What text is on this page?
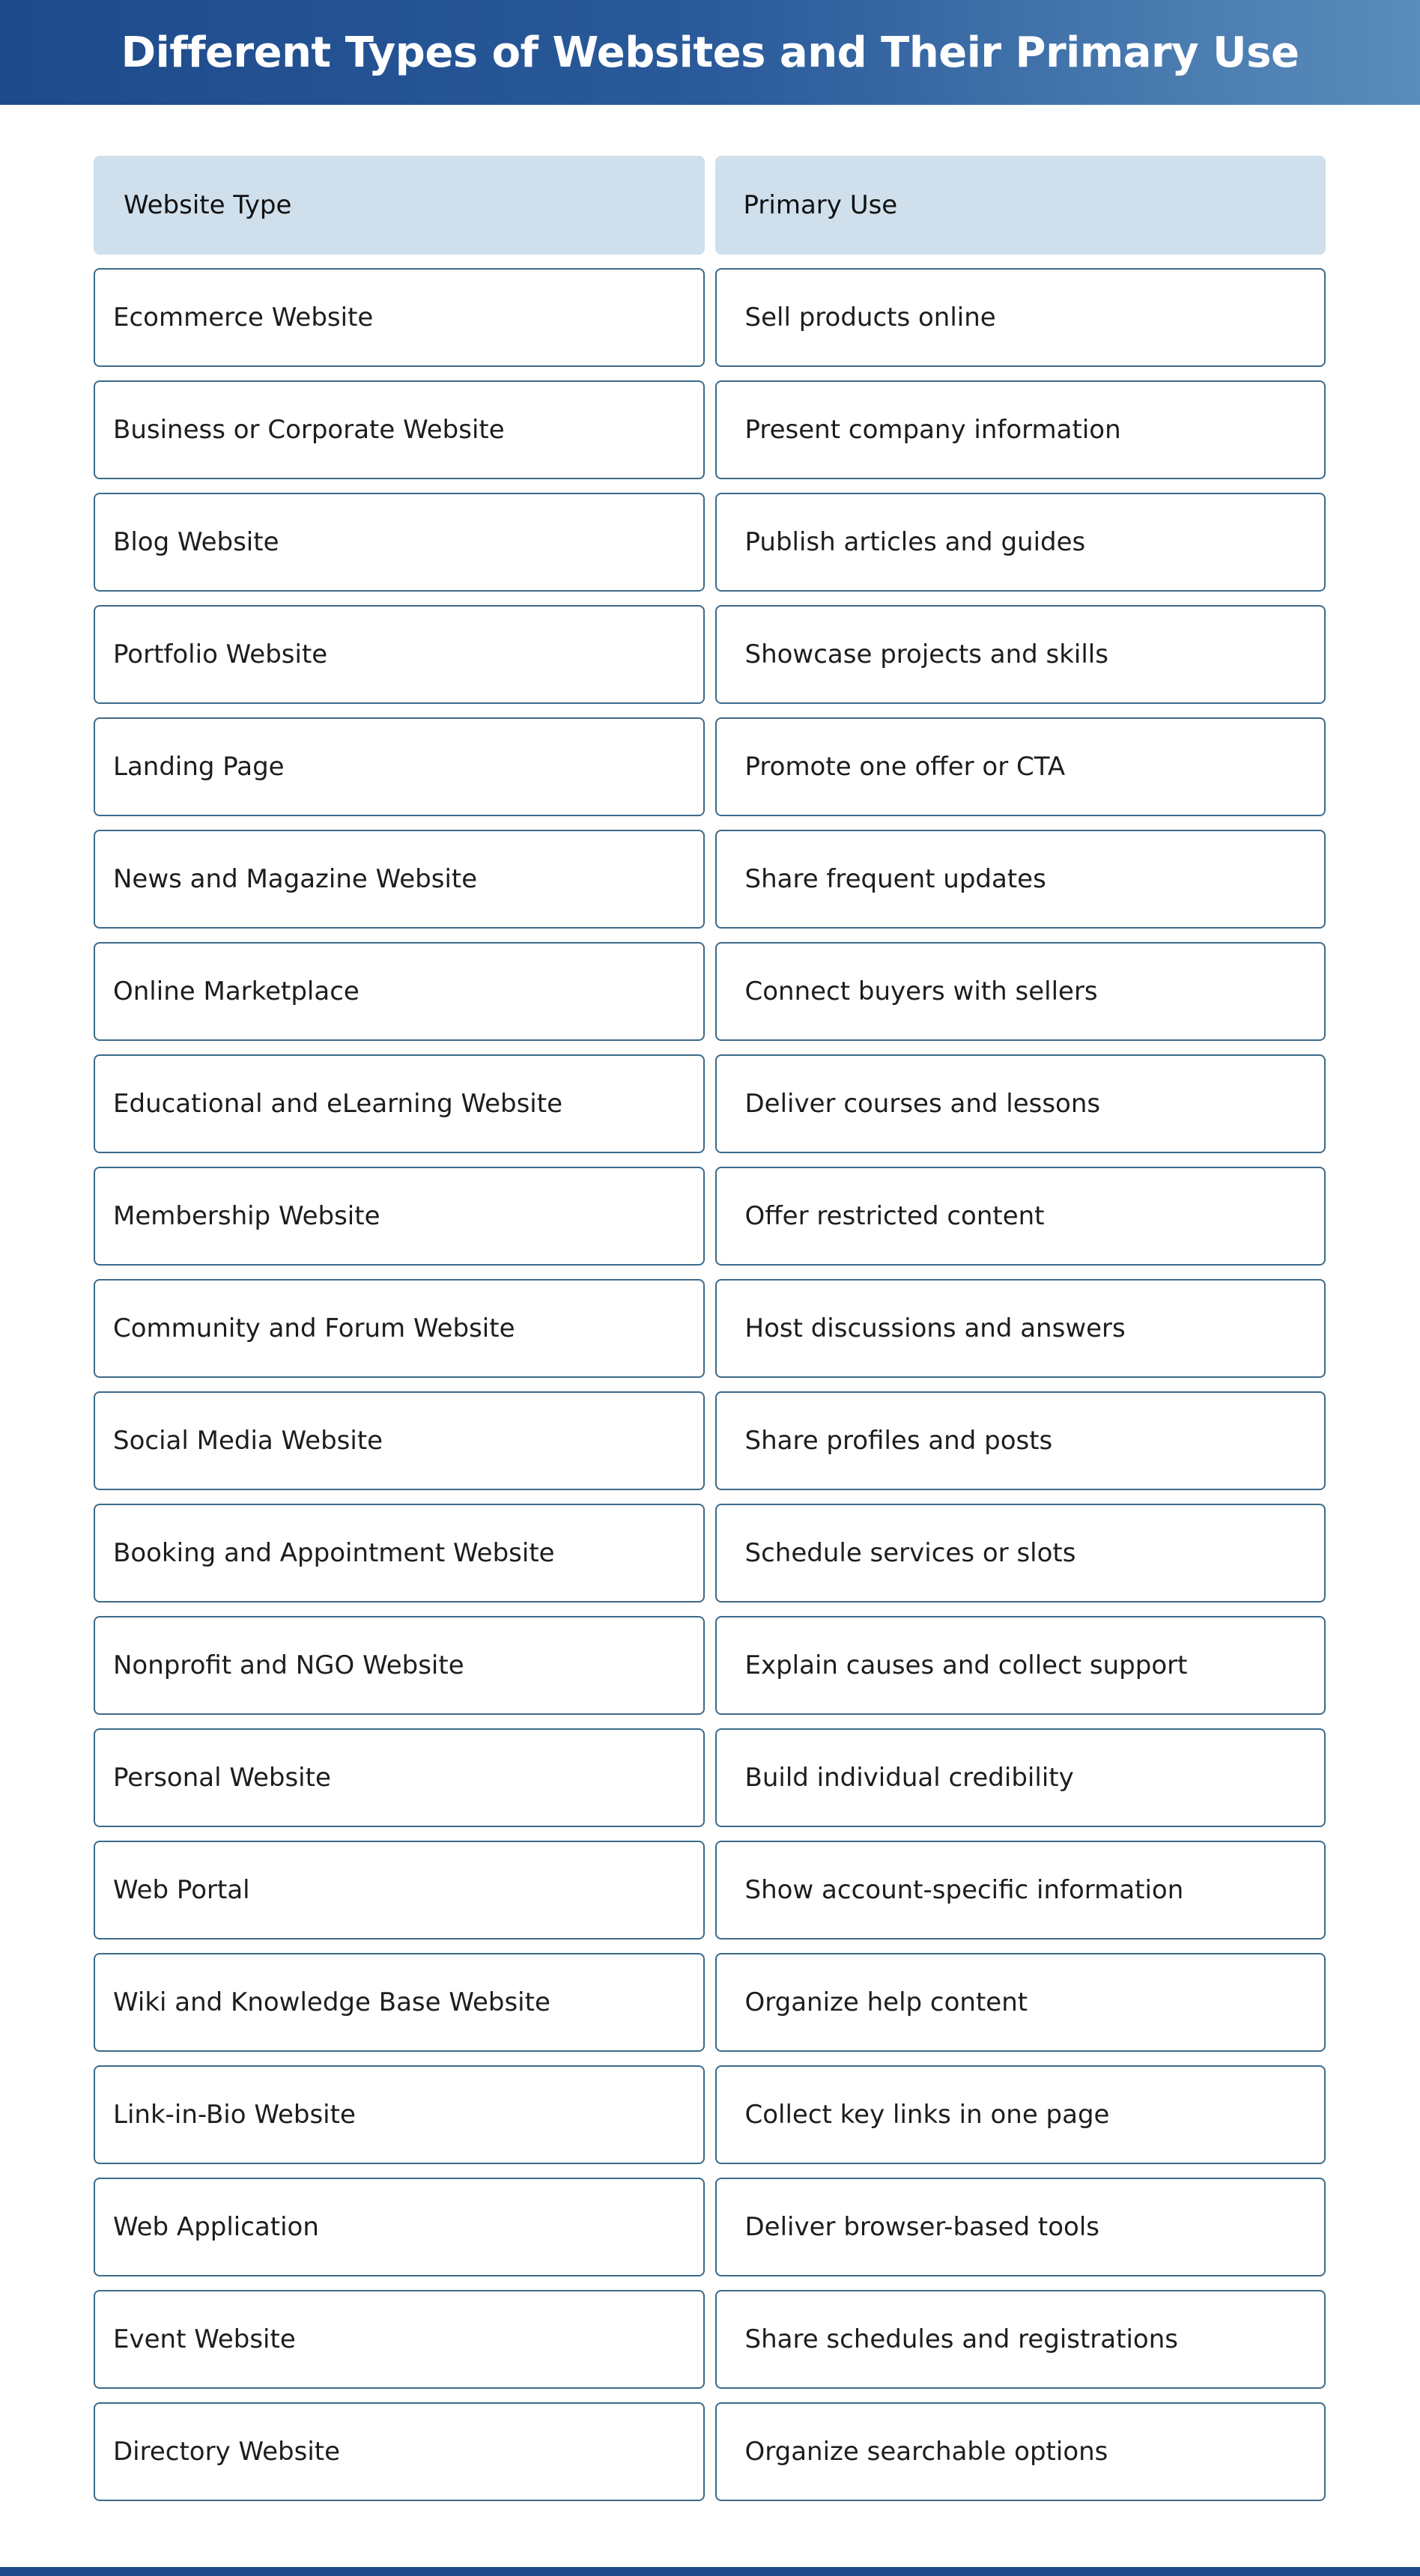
Different Types of Websites and Their Primary Use
Website Type	Primary Use
Ecommerce Website	Sell products online
Business or Corporate Website	Present company information
Blog Website	Publish articles and guides
Portfolio Website	Showcase projects and skills
Landing Page	Promote one offer or CTA
News and Magazine Website	Share frequent updates
Online Marketplace	Connect buyers with sellers
Educational and eLearning Website	Deliver courses and lessons
Membership Website	Offer restricted content
Community and Forum Website	Host discussions and answers
Social Media Website	Share profiles and posts
Booking and Appointment Website	Schedule services or slots
Nonprofit and NGO Website	Explain causes and collect support
Personal Website	Build individual credibility
Web Portal	Show account-specific information
Wiki and Knowledge Base Website	Organize help content
Link-in-Bio Website	Collect key links in one page
Web Application	Deliver browser-based tools
Event Website	Share schedules and registrations
Directory Website	Organize searchable options
